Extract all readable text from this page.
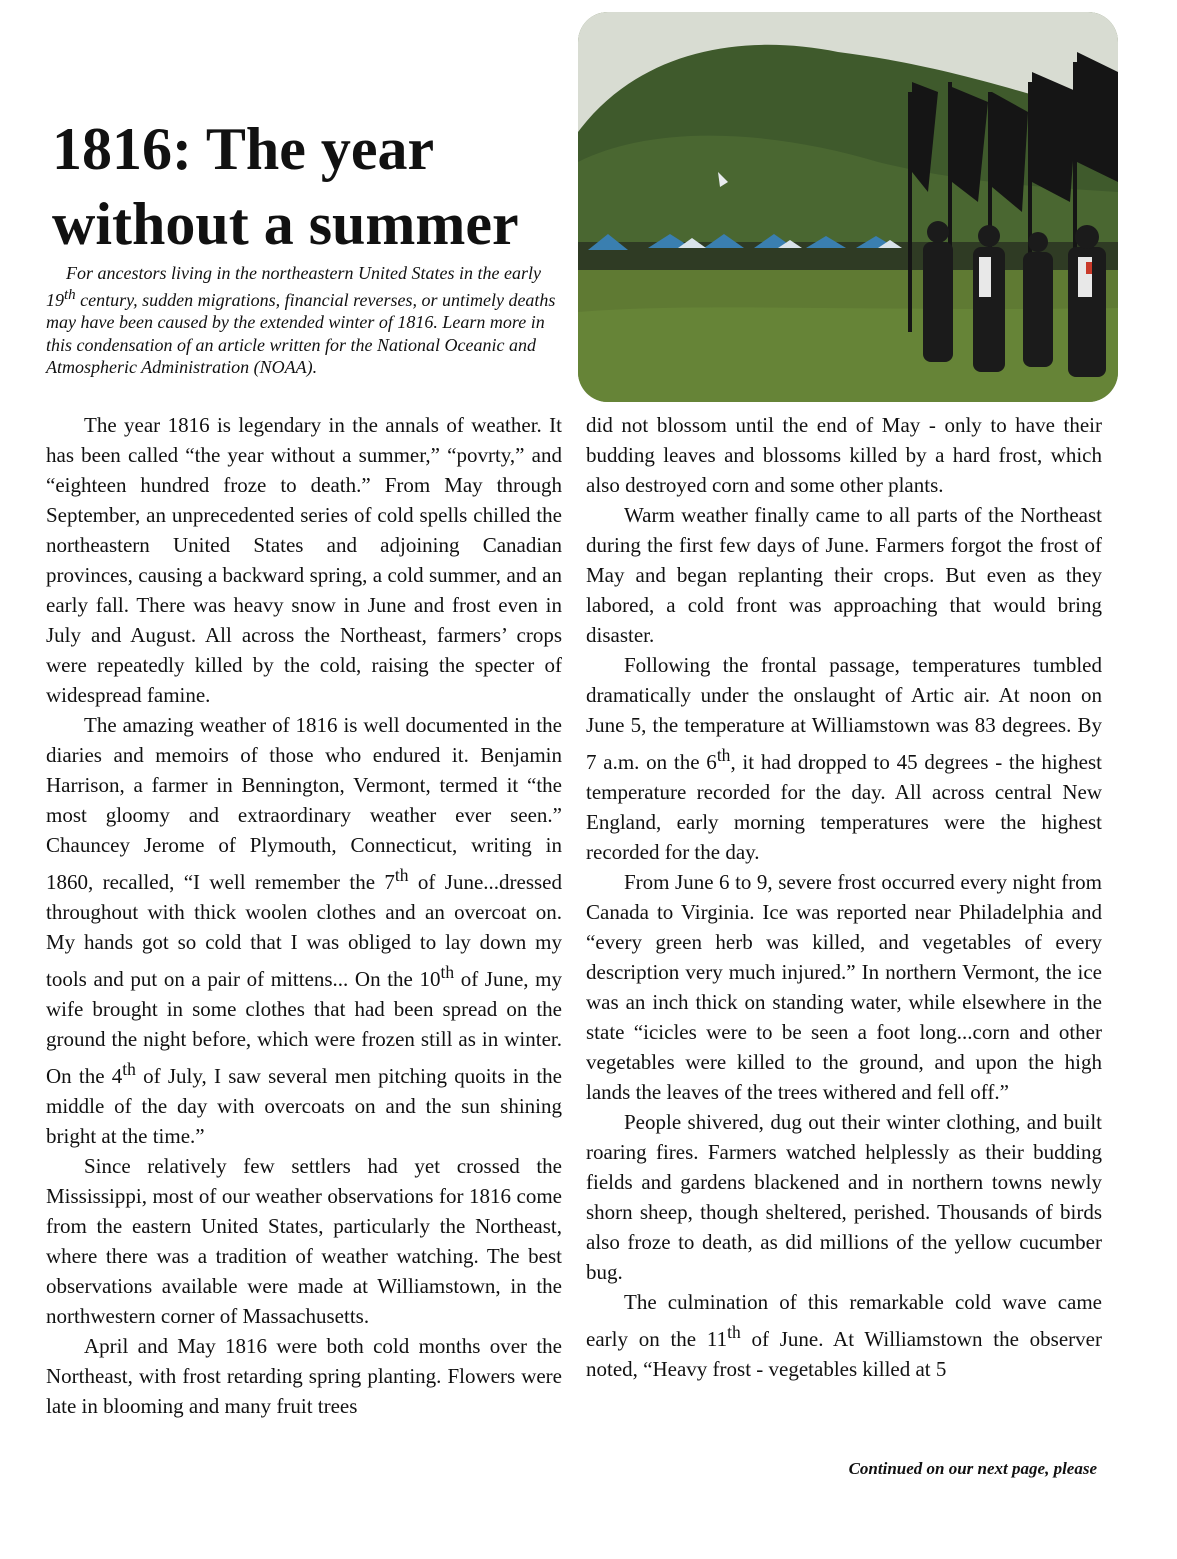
1816: The year
without a summer

For ancestors living in the northeastern United States in the early 19th century, sudden migrations, financial reverses, or untimely deaths may have been caused by the extended winter of 1816. Learn more in this condensation of an article written for the National Oceanic and Atmospheric Administration (NOAA).

The year 1816 is legendary in the annals of weather. It has been called “the year without a summer,” “povrty,” and “eighteen hundred froze to death.” From May through September, an unprecedented series of cold spells chilled the northeastern United States and adjoining Canadian provinces, causing a backward spring, a cold summer, and an early fall. There was heavy snow in June and frost even in July and August. All across the Northeast, farmers’ crops were repeatedly killed by the cold, raising the specter of widespread famine.

The amazing weather of 1816 is well documented in the diaries and memoirs of those who endured it. Benjamin Harrison, a farmer in Bennington, Vermont, termed it “the most gloomy and extraordinary weather ever seen.” Chauncey Jerome of Plymouth, Connecticut, writing in 1860, recalled, “I well remember the 7th of June...dressed throughout with thick woolen clothes and an overcoat on. My hands got so cold that I was obliged to lay down my tools and put on a pair of mittens... On the 10th of June, my wife brought in some clothes that had been spread on the ground the night before, which were frozen still as in winter. On the 4th of July, I saw several men pitching quoits in the middle of the day with overcoats on and the sun shining bright at the time.”

Since relatively few settlers had yet crossed the Mississippi, most of our weather observations for 1816 come from the eastern United States, particularly the Northeast, where there was a tradition of weather watching. The best observations available were made at Williamstown, in the northwestern corner of Massachusetts.

April and May 1816 were both cold months over the Northeast, with frost retarding spring planting. Flowers were late in blooming and many fruit trees

did not blossom until the end of May - only to have their budding leaves and blossoms killed by a hard frost, which also destroyed corn and some other plants.

Warm weather finally came to all parts of the Northeast during the first few days of June. Farmers forgot the frost of May and began replanting their crops. But even as they labored, a cold front was approaching that would bring disaster.

Following the frontal passage, temperatures tumbled dramatically under the onslaught of Artic air. At noon on June 5, the temperature at Williamstown was 83 degrees. By 7 a.m. on the 6th, it had dropped to 45 degrees - the highest temperature recorded for the day. All across central New England, early morning temperatures were the highest recorded for the day.

From June 6 to 9, severe frost occurred every night from Canada to Virginia. Ice was reported near Philadelphia and “every green herb was killed, and vegetables of every description very much injured.” In northern Vermont, the ice was an inch thick on standing water, while elsewhere in the state “icicles were to be seen a foot long...corn and other vegetables were killed to the ground, and upon the high lands the leaves of the trees withered and fell off.”

People shivered, dug out their winter clothing, and built roaring fires. Farmers watched helplessly as their budding fields and gardens blackened and in northern towns newly shorn sheep, though sheltered, perished. Thousands of birds also froze to death, as did millions of the yellow cucumber bug.

The culmination of this remarkable cold wave came early on the 11th of June. At Williamstown the observer noted, “Heavy frost - vegetables killed at 5

Continued on our next page, please
